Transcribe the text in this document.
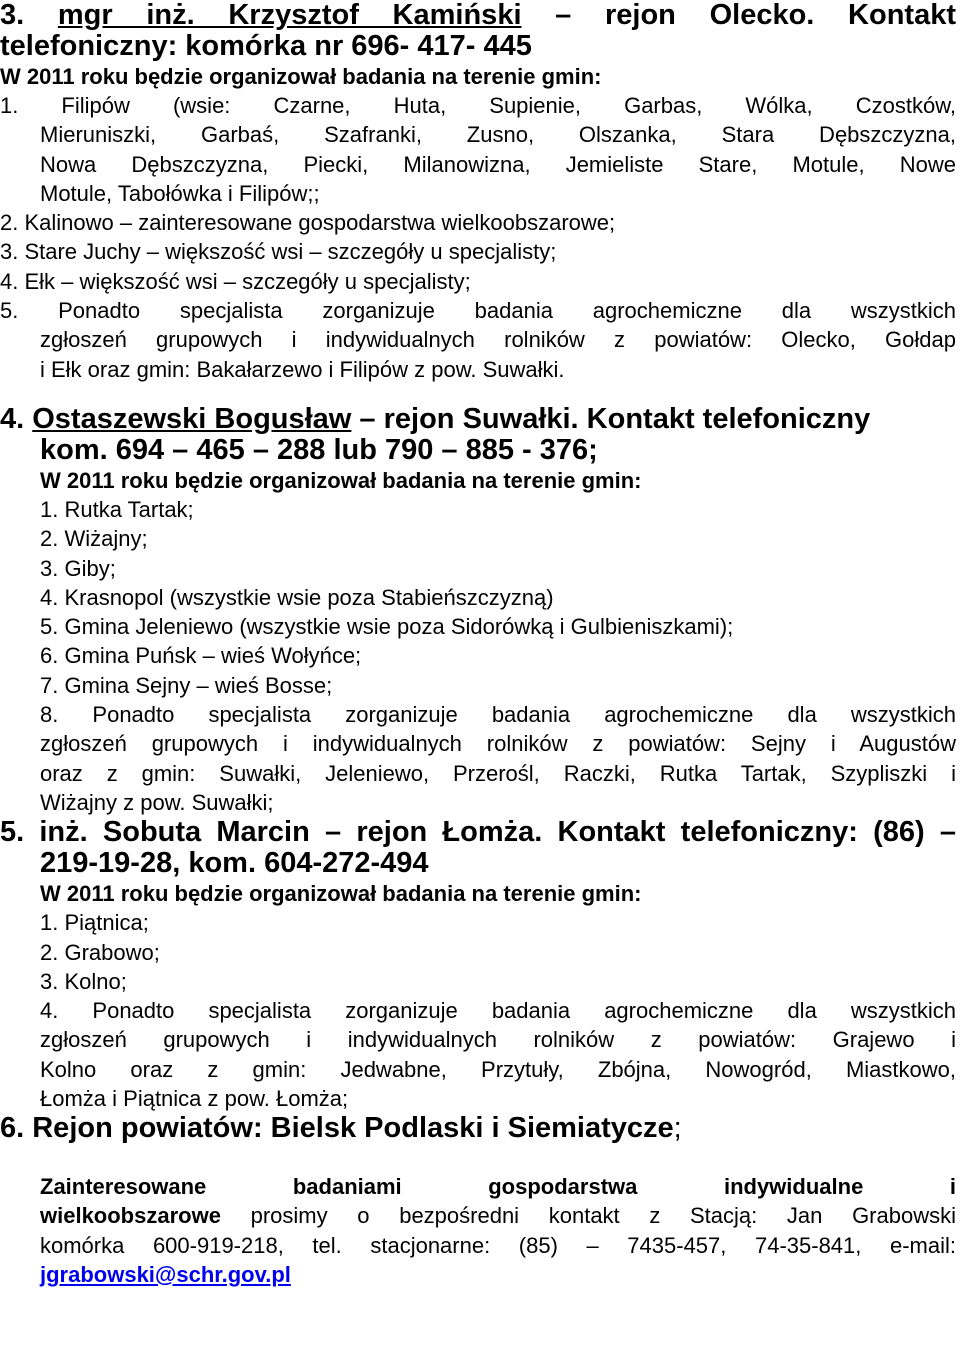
3. mgr inż. Krzysztof Kamiński – rejon Olecko. Kontakt

telefoniczny: komórka nr 696- 417- 445

W 2011 roku będzie organizował badania na terenie gmin:

1. Filipów (wsie: Czarne, Huta, Supienie, Garbas, Wólka, Czostków,

Mieruniszki, Garbaś, Szafranki, Zusno, Olszanka, Stara Dębszczyzna,

Nowa Dębszczyzna, Piecki, Milanowizna, Jemieliste Stare, Motule, Nowe

Motule, Tabołówka i Filipów;;

2. Kalinowo – zainteresowane gospodarstwa wielkoobszarowe;

3. Stare Juchy – większość wsi – szczegóły u specjalisty;

4. Ełk – większość wsi – szczegóły u specjalisty;

5. Ponadto specjalista zorganizuje badania agrochemiczne dla wszystkich

zgłoszeń grupowych i indywidualnych rolników z powiatów: Olecko, Gołdap

i Ełk oraz gmin: Bakałarzewo i Filipów z pow. Suwałki.

4. Ostaszewski Bogusław – rejon Suwałki. Kontakt telefoniczny

kom. 694 – 465 – 288 lub 790 – 885 - 376;

W 2011 roku będzie organizował badania na terenie gmin:

1. Rutka Tartak;

2. Wiżajny;

3. Giby;

4. Krasnopol (wszystkie wsie poza Stabieńszczyzną)

5. Gmina Jeleniewo (wszystkie wsie poza Sidorówką i Gulbieniszkami);

6. Gmina Puńsk – wieś Wołyńce;

7. Gmina Sejny – wieś Bosse;

8. Ponadto specjalista zorganizuje badania agrochemiczne dla wszystkich

zgłoszeń grupowych i indywidualnych rolników z powiatów: Sejny i Augustów

oraz z gmin: Suwałki, Jeleniewo, Przerośl, Raczki, Rutka Tartak, Szypliszki i

Wiżajny z pow. Suwałki;

5. inż. Sobuta Marcin – rejon Łomża. Kontakt telefoniczny: (86) –

219-19-28, kom. 604-272-494

W 2011 roku będzie organizował badania na terenie gmin:

1. Piątnica;

2. Grabowo;

3. Kolno;

4. Ponadto specjalista zorganizuje badania agrochemiczne dla wszystkich

zgłoszeń grupowych i indywidualnych rolników z powiatów: Grajewo i

Kolno oraz z gmin: Jedwabne, Przytuły, Zbójna, Nowogród, Miastkowo,

Łomża i Piątnica z pow. Łomża;

6. Rejon powiatów: Bielsk Podlaski i Siemiatycze;

Zainteresowane badaniami gospodarstwa indywidualne i

wielkoobszarowe prosimy o bezpośredni kontakt z Stacją: Jan Grabowski

komórka 600-919-218, tel. stacjonarne: (85) – 7435-457, 74-35-841, e-mail:

jgrabowski@schr.gov.pl
